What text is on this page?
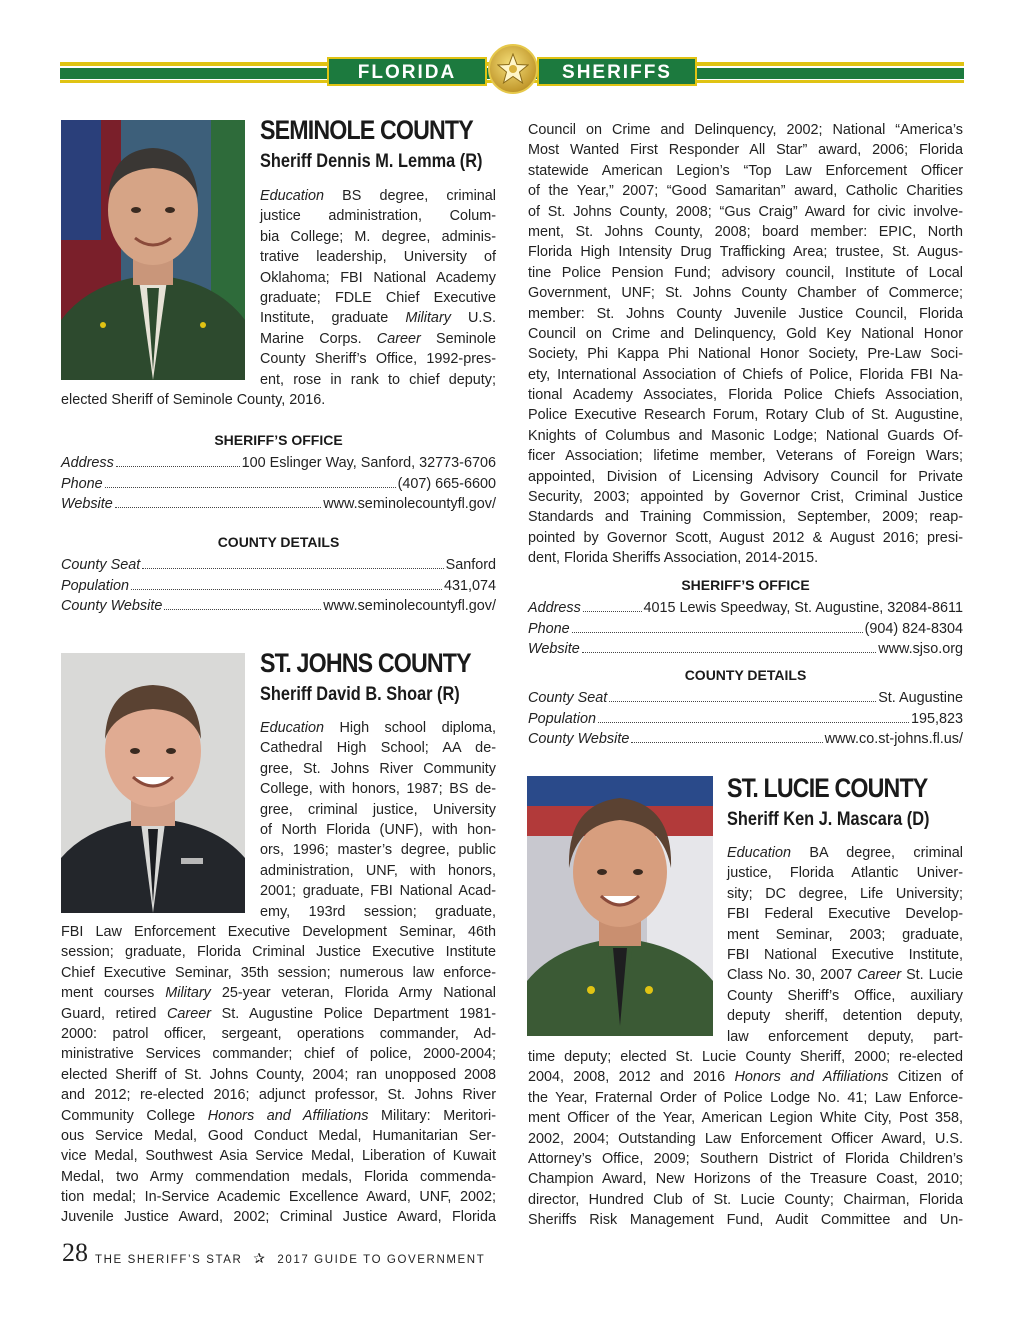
FLORIDA	SHERIFFS
SEMINOLE COUNTY
Sheriff Dennis M. Lemma (R)
Education BS degree, criminal
justice administration, Colum-
bia College; M. degree, adminis-
trative leadership, University of
Oklahoma; FBI National Academy
graduate; FDLE Chief Executive
Institute, graduate Military U.S.
Marine Corps. Career Seminole
County Sheriff’s Office, 1992-pres-
ent, rose in rank to chief deputy;
elected Sheriff of Seminole County, 2016.
SHERIFF’S OFFICE
Address	100 Eslinger Way, Sanford, 32773-6706
Phone	(407) 665-6600
Website	www.seminolecountyfl.gov/
COUNTY DETAILS
County Seat	Sanford
Population	431,074
County Website	www.seminolecountyfl.gov/
ST. JOHNS COUNTY
Sheriff David B. Shoar (R)
Education High school diploma,
Cathedral High School; AA de-
gree, St. Johns River Community
College, with honors, 1987; BS de-
gree, criminal justice, University
of North Florida (UNF), with hon-
ors, 1996; master’s degree, public
administration, UNF, with honors,
2001; graduate, FBI National Acad-
emy, 193rd session; graduate,
FBI Law Enforcement Executive Development Seminar, 46th
session; graduate, Florida Criminal Justice Executive Institute
Chief Executive Seminar, 35th session; numerous law enforce-
ment courses Military 25-year veteran, Florida Army National
Guard, retired Career St. Augustine Police Department 1981-
2000: patrol officer, sergeant, operations commander, Ad-
ministrative Services commander; chief of police, 2000-2004;
elected Sheriff of St. Johns County, 2004; ran unopposed 2008
and 2012; re-elected 2016; adjunct professor, St. Johns River
Community College Honors and Affiliations Military: Meritori-
ous Service Medal, Good Conduct Medal, Humanitarian Ser-
vice Medal, Southwest Asia Service Medal, Liberation of Kuwait
Medal, two Army commendation medals, Florida commenda-
tion medal; In-Service Academic Excellence Award, UNF, 2002;
Juvenile Justice Award, 2002; Criminal Justice Award, Florida
Council on Crime and Delinquency, 2002; National “America’s
Most Wanted First Responder All Star” award, 2006; Florida
statewide American Legion’s “Top Law Enforcement Officer
of the Year,” 2007; “Good Samaritan” award, Catholic Charities
of St. Johns County, 2008; “Gus Craig” Award for civic involve-
ment, St. Johns County, 2008; board member: EPIC, North
Florida High Intensity Drug Trafficking Area; trustee, St. Augus-
tine Police Pension Fund; advisory council, Institute of Local
Government, UNF; St. Johns County Chamber of Commerce;
member: St. Johns County Juvenile Justice Council, Florida
Council on Crime and Delinquency, Gold Key National Honor
Society, Phi Kappa Phi National Honor Society, Pre-Law Soci-
ety, International Association of Chiefs of Police, Florida FBI Na-
tional Academy Associates, Florida Police Chiefs Association,
Police Executive Research Forum, Rotary Club of St. Augustine,
Knights of Columbus and Masonic Lodge; National Guards Of-
ficer Association; lifetime member, Veterans of Foreign Wars;
appointed, Division of Licensing Advisory Council for Private
Security, 2003; appointed by Governor Crist, Criminal Justice
Standards and Training Commission, September, 2009; reap-
pointed by Governor Scott, August 2012 & August 2016; presi-
dent, Florida Sheriffs Association, 2014-2015.
SHERIFF’S OFFICE
Address	4015 Lewis Speedway, St. Augustine, 32084-8611
Phone	(904) 824-8304
Website	www.sjso.org
COUNTY DETAILS
County Seat	St. Augustine
Population	195,823
County Website	www.co.st-johns.fl.us/
ST. LUCIE COUNTY
Sheriff Ken J. Mascara (D)
Education BA degree, criminal
justice, Florida Atlantic Univer-
sity; DC degree, Life University;
FBI Federal Executive Develop-
ment Seminar, 2003; graduate,
FBI National Executive Institute,
Class No. 30, 2007 Career St. Lucie
County Sheriff’s Office, auxiliary
deputy sheriff, detention deputy,
law enforcement deputy, part-
time deputy; elected St. Lucie County Sheriff, 2000; re-elected
2004, 2008, 2012 and 2016 Honors and Affiliations Citizen of
the Year, Fraternal Order of Police Lodge No. 41; Law Enforce-
ment Officer of the Year, American Legion White City, Post 358,
2002, 2004; Outstanding Law Enforcement Officer Award, U.S.
Attorney’s Office, 2009; Southern District of Florida Children’s
Champion Award, New Horizons of the Treasure Coast, 2010;
director, Hundred Club of St. Lucie County; Chairman, Florida
Sheriffs Risk Management Fund, Audit Committee and Un-
28 THE SHERIFF’S STAR ✰ 2017 GUIDE TO GOVERNMENT
